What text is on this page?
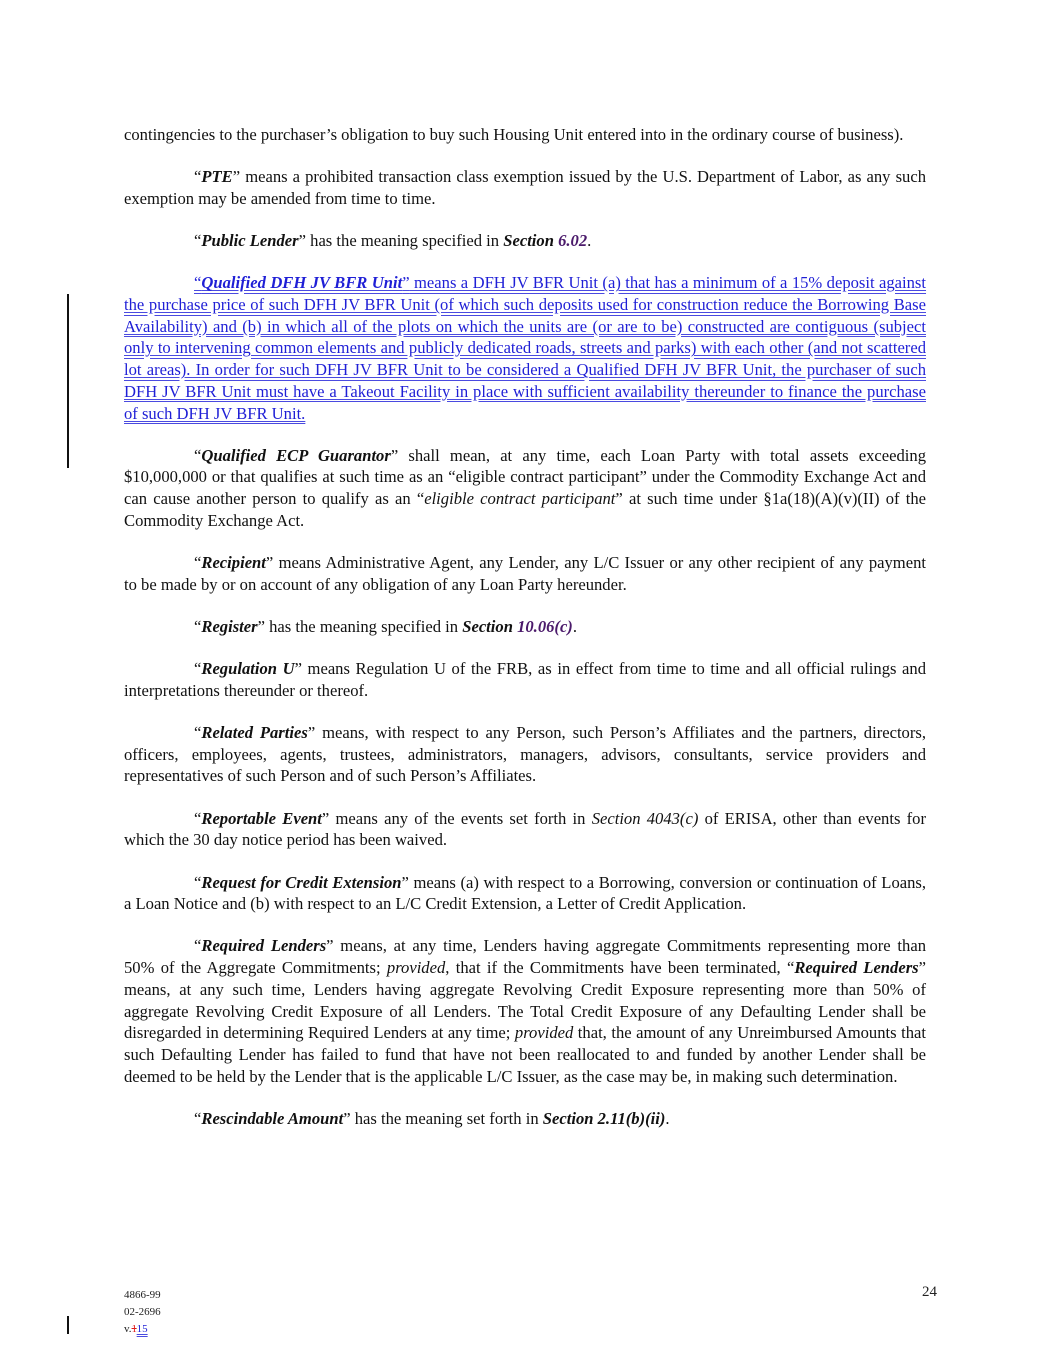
contingencies to the purchaser’s obligation to buy such Housing Unit entered into in the ordinary course of business).

“PTE” means a prohibited transaction class exemption issued by the U.S. Department of Labor, as any such exemption may be amended from time to time.

“Public Lender” has the meaning specified in Section 6.02.

“Qualified DFH JV BFR Unit” means a DFH JV BFR Unit (a) that has a minimum of a 15% deposit against the purchase price of such DFH JV BFR Unit (of which such deposits used for construction reduce the Borrowing Base Availability) and (b) in which all of the plots on which the units are (or are to be) constructed are contiguous (subject only to intervening common elements and publicly dedicated roads, streets and parks) with each other (and not scattered lot areas). In order for such DFH JV BFR Unit to be considered a Qualified DFH JV BFR Unit, the purchaser of such DFH JV BFR Unit must have a Takeout Facility in place with sufficient availability thereunder to finance the purchase of such DFH JV BFR Unit.

“Qualified ECP Guarantor” shall mean, at any time, each Loan Party with total assets exceeding $10,000,000 or that qualifies at such time as an “eligible contract participant” under the Commodity Exchange Act and can cause another person to qualify as an “eligible contract participant” at such time under §1a(18)(A)(v)(II) of the Commodity Exchange Act.

“Recipient” means Administrative Agent, any Lender, any L/C Issuer or any other recipient of any payment to be made by or on account of any obligation of any Loan Party hereunder.

“Register” has the meaning specified in Section 10.06(c).

“Regulation U” means Regulation U of the FRB, as in effect from time to time and all official rulings and interpretations thereunder or thereof.

“Related Parties” means, with respect to any Person, such Person’s Affiliates and the partners, directors, officers, employees, agents, trustees, administrators, managers, advisors, consultants, service providers and representatives of such Person and of such Person’s Affiliates.

“Reportable Event” means any of the events set forth in Section 4043(c) of ERISA, other than events for which the 30 day notice period has been waived.

“Request for Credit Extension” means (a) with respect to a Borrowing, conversion or continuation of Loans, a Loan Notice and (b) with respect to an L/C Credit Extension, a Letter of Credit Application.

“Required Lenders” means, at any time, Lenders having aggregate Commitments representing more than 50% of the Aggregate Commitments; provided, that if the Commitments have been terminated, “Required Lenders” means, at any such time, Lenders having aggregate Revolving Credit Exposure representing more than 50% of aggregate Revolving Credit Exposure of all Lenders. The Total Credit Exposure of any Defaulting Lender shall be disregarded in determining Required Lenders at any time; provided that, the amount of any Unreimbursed Amounts that such Defaulting Lender has failed to fund that have not been reallocated to and funded by another Lender shall be deemed to be held by the Lender that is the applicable L/C Issuer, as the case may be, in making such determination.

“Rescindable Amount” has the meaning set forth in Section 2.11(b)(ii).

4866-99
02-2696
v.115
24
